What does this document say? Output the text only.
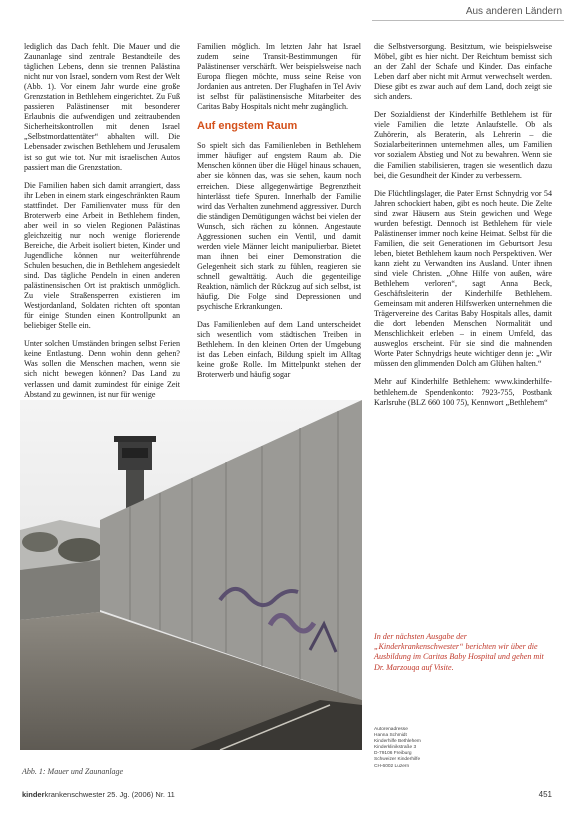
Aus anderen Ländern

lediglich das Dach fehlt. Die Mauer und die Zaunanlage sind zentrale Bestandteile des täglichen Lebens, denn sie trennen Palästina nicht nur von Israel, sondern vom Rest der Welt (Abb. 1). Vor einem Jahr wurde eine große Grenzstation in Bethlehem eingerichtet. Zu Fuß passieren Palästinenser mit besonderer Erlaubnis die aufwendigen und zeitraubenden Sicherheitskontrollen mit denen Israel „Selbstmordattentäter“ abhalten will. Die Lebensader zwischen Bethlehem und Jerusalem ist so gut wie tot. Nur mit israelischen Autos passiert man die Grenzstation.

Die Familien haben sich damit arrangiert, dass ihr Leben in einem stark eingeschränkten Raum stattfindet. Der Familienvater muss für den Broterwerb eine Arbeit in Bethlehem finden, aber weil in so vielen Regionen Palästinas gleichzeitig nur noch wenige florierende Bereiche, die Arbeit isoliert bieten, Kinder und Jugendliche können nur weiterführende Schulen besuchen, die in Bethlehem angesiedelt sind. Das tägliche Pendeln in einen anderen palästinensischen Ort ist praktisch unmöglich. Zu viele Straßensperren existieren im Westjordanland, Soldaten richten oft spontan für einige Stunden einen Kontrollpunkt an beliebiger Stelle ein.

Unter solchen Umständen bringen selbst Ferien keine Entlastung. Denn wohin denn gehen? Was sollen die Menschen machen, wenn sie sich nicht bewegen können? Das Land zu verlassen und damit zumindest für einige Zeit Abstand zu gewinnen, ist nur für wenige

Familien möglich. Im letzten Jahr hat Israel zudem seine Transit-Bestimmungen für Palästinenser verschärft. Wer beispielsweise nach Europa fliegen möchte, muss seine Reise von Jordanien aus antreten. Der Flughafen in Tel Aviv ist selbst für palästinensische Mitarbeiter des Caritas Baby Hospitals nicht mehr zugänglich.

Auf engstem Raum

So spielt sich das Familienleben in Bethlehem immer häufiger auf engstem Raum ab. Die Menschen können über die Hügel hinaus schauen, aber sie können das, was sie sehen, kaum noch erreichen. Diese allgegenwärtige Begrenztheit hinterlässt tiefe Spuren. Innerhalb der Familie wird das Verhalten zunehmend aggressiver. Durch die ständigen Demütigungen wächst bei vielen der Wunsch, sich rächen zu können. Angestaute Aggressionen suchen ein Ventil, und damit werden viele Männer leicht manipulierbar. Bietet man ihnen bei einer Demonstration die Gelegenheit sich stark zu fühlen, reagieren sie schnell gewalttätig. Auch die gegenteilige Reaktion, nämlich der Rückzug auf sich selbst, ist häufig. Die Folge sind Depressionen und psychische Erkrankungen.

Das Familienleben auf dem Land unterscheidet sich wesentlich vom städtischen Treiben in Bethlehem. In den kleinen Orten der Umgebung ist das Leben einfach, Bildung spielt im Alltag keine große Rolle. Im Mittelpunkt stehen der Broterwerb und häufig sogar

die Selbstversorgung. Besitztum, wie beispielsweise Möbel, gibt es hier nicht. Der Reichtum bemisst sich an der Zahl der Schafe und Kinder. Das einfache Leben darf aber nicht mit Armut verwechselt werden. Diese gibt es zwar auch auf dem Land, doch zeigt sie sich anders.

Der Sozialdienst der Kinderhilfe Bethlehem ist für viele Familien die letzte Anlaufstelle. Ob als Zuhörerin, als Beraterin, als Lehrerin – die Sozialarbeiterinnen unternehmen alles, um Familien vor sozialem Abstieg und Not zu bewahren. Wenn sie die Familien stabilisieren, tragen sie wesentlich dazu bei, die Gesundheit der Kinder zu verbessern.

Die Flüchtlingslager, die Pater Ernst Schnydrig vor 54 Jahren schockiert haben, gibt es noch heute. Die Zelte sind zwar Häusern aus Stein gewichen und Wege wurden befestigt. Dennoch ist Bethlehem für viele Palästinenser immer noch keine Heimat. Selbst für die Familien, die seit Generationen im Geburtsort Jesu leben, bietet Bethlehem kaum noch Perspektiven. Wer kann zieht zu Verwandten ins Ausland. Unter ihnen sind viele Christen. „Ohne Hilfe von außen, wäre Bethlehem verloren“, sagt Anna Beck, Geschäftsleiterin der Kinderhilfe Bethlehem. Gemeinsam mit anderen Hilfswerken unternehmen die Trägervereine des Caritas Baby Hospitals alles, damit die dort lebenden Menschen Normalität und Menschlichkeit erleben – in einem Umfeld, das ausweglos erscheint. Für sie sind die mahnenden Worte Pater Schnydrigs heute wichtiger denn je: „Wir müssen den glimmenden Dolch am Glühen halten.“

Mehr auf Kinderhilfe Bethlehem: www.kinderhilfe-bethlehem.de Spendenkonto: 7923-755, Postbank Karlsruhe (BLZ 660 100 75), Kennwort „Bethlehem“

Abb. 1: Mauer und Zaunanlage
In der nächsten Ausgabe der „Kinderkrankenschwester“ berichten wir über die Ausbildung im Caritas Baby Hospital und gehen mit Dr. Marzouqa auf Visite.
Autorenadresse
Hanna Schmidt
Kinderhilfe Bethlehem
Kinderklinikstraße 3
D-79106 Freiburg
Schweizer Kinderhilfe
CH-6002 Luzern
kinderkrankenschwester 25. Jg. (2006) Nr. 11	451
